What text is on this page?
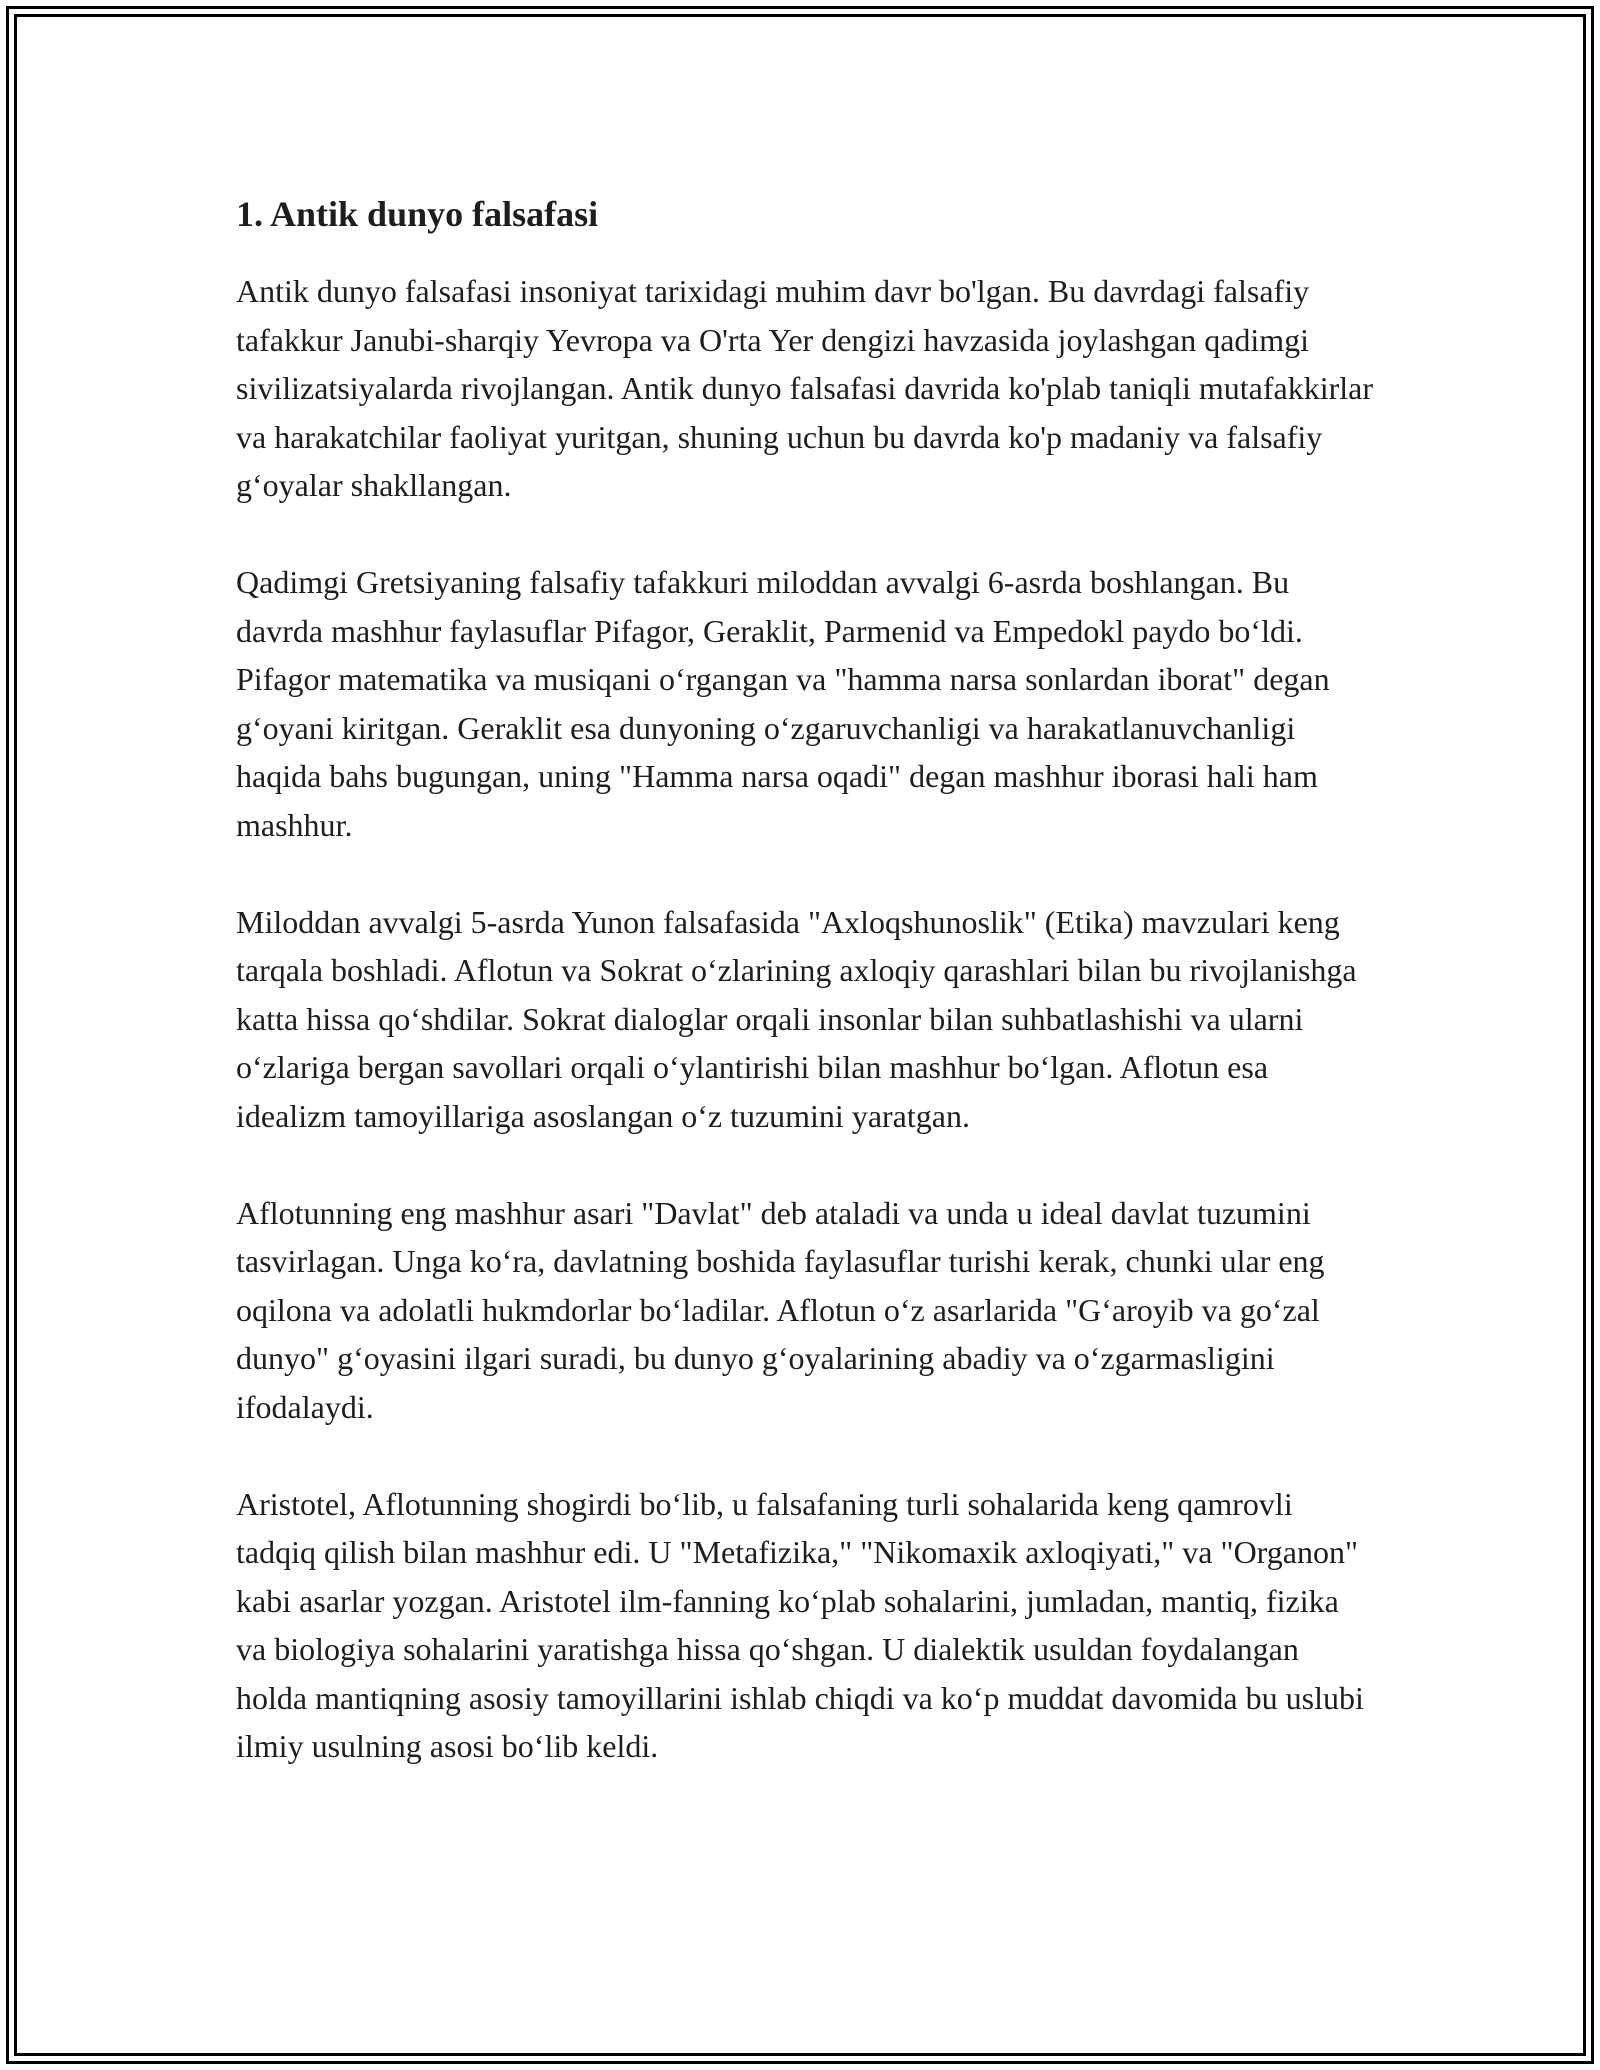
1. Antik dunyo falsafasi

Antik dunyo falsafasi insoniyat tarixidagi muhim davr bo'lgan. Bu davrdagi falsafiy tafakkur Janubi-sharqiy Yevropa va O'rta Yer dengizi havzasida joylashgan qadimgi sivilizatsiyalarda rivojlangan. Antik dunyo falsafasi davrida ko'plab taniqli mutafakkirlar va harakatchilar faoliyat yuritgan, shuning uchun bu davrda ko'p madaniy va falsafiy gʻoyalar shakllangan.

Qadimgi Gretsiyaning falsafiy tafakkuri miloddan avvalgi 6-asrda boshlangan. Bu davrda mashhur faylasuflar Pifagor, Geraklit, Parmenid va Empedokl paydo boʻldi. Pifagor matematika va musiqani oʻrgangan va "hamma narsa sonlardan iborat" degan gʻoyani kiritgan. Geraklit esa dunyoning oʻzgaruvchanligi va harakatlanuvchanligi haqida bahs bugungan, uning "Hamma narsa oqadi" degan mashhur iborasi hali ham mashhur.

Miloddan avvalgi 5-asrda Yunon falsafasida "Axloqshunoslik" (Etika) mavzulari keng tarqala boshladi. Aflotun va Sokrat oʻzlarining axloqiy qarashlari bilan bu rivojlanishga katta hissa qoʻshdilar. Sokrat dialoglar orqali insonlar bilan suhbatlashishi va ularni oʻzlariga bergan savollari orqali oʻylantirishi bilan mashhur boʻlgan. Aflotun esa idealizm tamoyillariga asoslangan oʻz tuzumini yaratgan.

Aflotunning eng mashhur asari "Davlat" deb ataladi va unda u ideal davlat tuzumini tasvirlagan. Unga koʻra, davlatning boshida faylasuflar turishi kerak, chunki ular eng oqilona va adolatli hukmdorlar boʻladilar. Aflotun oʻz asarlarida "Gʻaroyib va goʻzal dunyo" gʻoyasini ilgari suradi, bu dunyo gʻoyalarining abadiy va oʻzgarmasligini ifodalaydi.

Aristotel, Aflotunning shogirdi boʻlib, u falsafaning turli sohalarida keng qamrovli tadqiq qilish bilan mashhur edi. U "Metafizika," "Nikomaxik axloqiyati," va "Organon" kabi asarlar yozgan. Aristotel ilm-fanning koʻplab sohalarini, jumladan, mantiq, fizika va biologiya sohalarini yaratishga hissa qoʻshgan. U dialektik usuldan foydalangan holda mantiqning asosiy tamoyillarini ishlab chiqdi va koʻp muddat davomida bu uslubi ilmiy usulning asosi boʻlib keldi.
